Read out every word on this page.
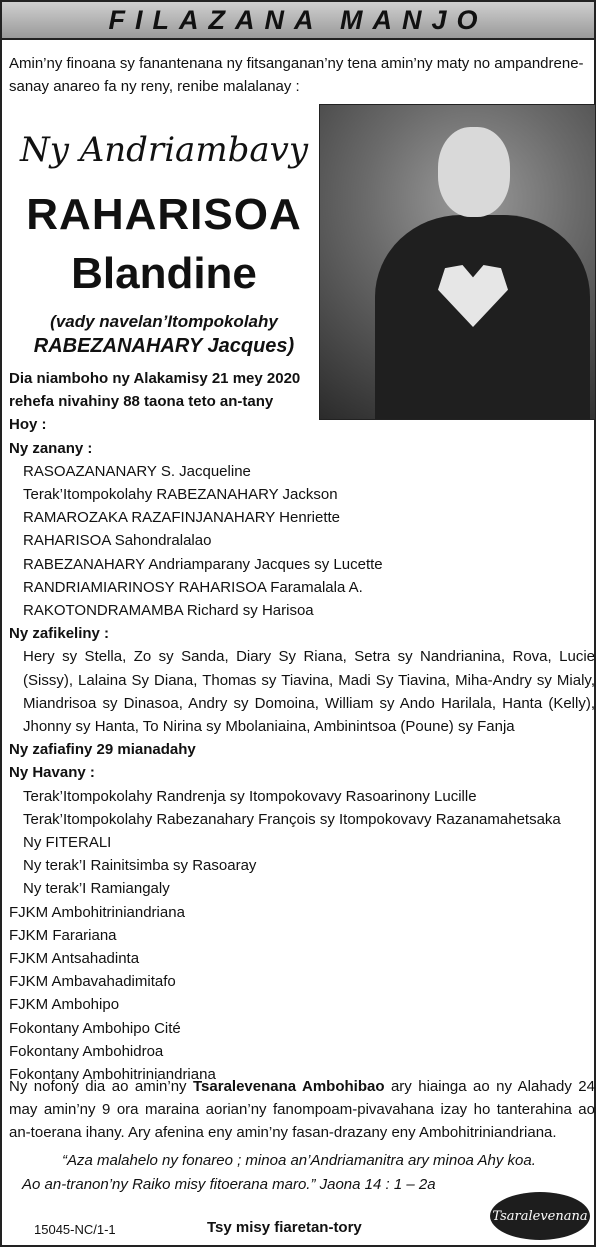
FILAZANA MANJO
Amin’ny finoana sy fanantenana ny fitsanganan’ny tena amin’ny maty no ampandrene-sanay anareo fa ny reny, renibe malalanay :
Ny Andriambavy
RAHARISOA
Blandine
(vady navelan’Itompokolahy
RABEZANAHARY Jacques)
Dia niamboho ny Alakamisy 21 mey 2020
rehefa nivahiny 88 taona teto an-tany
Hoy :
Ny zanany :
RASOAZANANARY S. Jacqueline
Terak’Itompokolahy RABEZANAHARY Jackson
RAMAROZAKA RAZAFINJANAHARY Henriette
RAHARISOA Sahondralalao
RABEZANAHARY Andriamparany Jacques sy Lucette
RANDRIAMIARINOSY RAHARISOA Faramalala A.
RAKOTONDRAMAMBA Richard sy Harisoa
Ny zafikeliny :
Hery sy Stella, Zo sy Sanda, Diary Sy Riana, Setra sy Nandrianina, Rova, Lucie (Sissy), Lalaina Sy Diana, Thomas sy Tiavina, Madi Sy Tiavina, Miha-Andry sy Mialy, Miandrisoa sy Dinasoa, Andry sy Domoina, William sy Ando Harilala, Hanta (Kelly), Jhonny sy Hanta, To Nirina sy Mbolaniaina, Ambinintsoa (Poune) sy Fanja
Ny zafiafiny 29 mianadahy
Ny Havany :
Terak’Itompokolahy Randrenja sy Itompokovavy Rasoarinony Lucille
Terak’Itompokolahy Rabezanahary François sy Itompokovavy Razanamahetsaka
Ny FITERALI
Ny terak’I Rainitsimba sy Rasoaray
Ny terak’I Ramiangaly
FJKM Ambohitriniandriana
FJKM Farariana
FJKM Antsahadinta
FJKM Ambavahadimitafo
FJKM Ambohipo
Fokontany Ambohipo Cité
Fokontany Ambohidroa
Fokontany Ambohitriniandriana
Ny nofony dia ao amin’ny Tsaralevenana Ambohibao ary hiainga ao ny Alahady 24 may amin’ny 9 ora maraina aorian’ny fanompoam-pivavahana izay ho tanterahina ao an-toerana ihany. Ary afenina eny amin’ny fasan-drazany eny Ambohitriniandriana.
“Aza malahelo ny fonareo ; minoa an’Andriamanitra ary minoa Ahy koa.
Ao an-tranon’ny Raiko misy fitoerana maro.” Jaona 14 : 1 – 2a
15045-NC/1-1	Tsy misy fiaretan-tory
Tsaralevenana
